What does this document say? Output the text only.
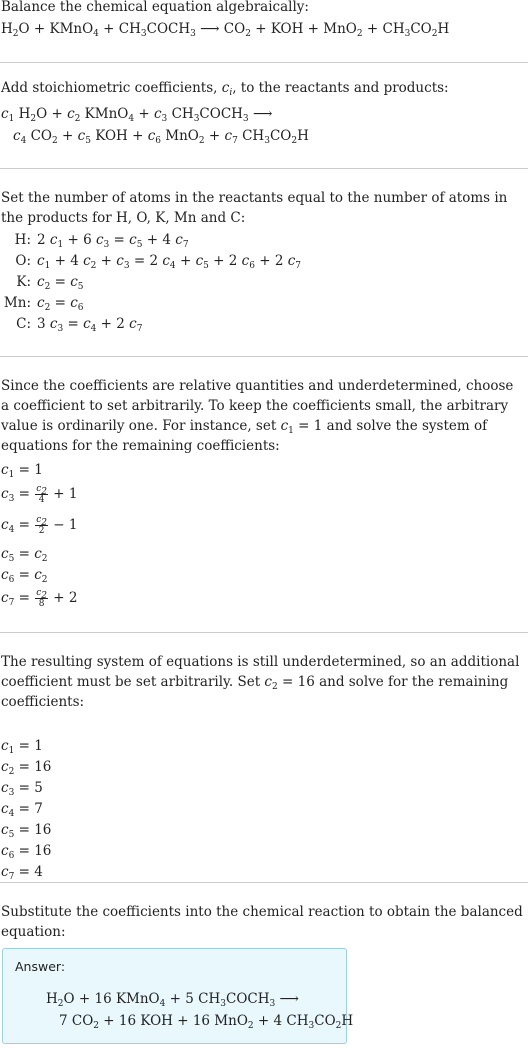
Balance the chemical equation algebraically:
$H_2O$ + KMnO$_4$ + $CH_3COCH_3$ ⟶ $CO_2$ + KOH + $MnO_2 + CH_3CO_2H$
Add stoichiometric coefficients, $c_i$, to the reactants and products:
$c_1$ $H_2O + c_2$ KMnO$_4$ + $c_3$ $CH_3COCH_3$ ⟶
$c_4$ $CO_2 + c_5$ KOH + $c_6$ $MnO_2 + c_7$ $CH_3CO_2H$
Set the number of atoms in the reactants equal to the number of atoms in the products for H, O, K, Mn and C:
H: 2 $c_1 + 6$ $c_3 = c_5 + 4$ $c_7$
O: $c_1 + 4$ $c_2 + c_3 = 2$ $c_4 + c_5 + 2$ $c_6 + 2$ $c_7$
K: $c_2 = c_5$
Mn: $c_2 = c_6$
C: 3 $c_3 = c_4 + 2$ $c_7$
Since the coefficients are relative quantities and underdetermined, choose a coefficient to set arbitrarily. To keep the coefficients small, the arbitrary value is ordinarily one. For instance, set $c_1 = 1$ and solve the system of equations for the remaining coefficients:
$c_1 = 1$
$c_3 = \frac{c_2}{4} + 1$
$c_4 = \frac{c_2}{2} - 1$
$c_5 = c_2$
$c_6 = c_2$
$c_7 = \frac{c_2}{8} + 2$
The resulting system of equations is still underdetermined, so an additional coefficient must be set arbitrarily. Set $c_2 = 16$ and solve for the remaining coefficients:
$c_1 = 1$
$c_2 = 16$
$c_3 = 5$
$c_4 = 7$
$c_5 = 16$
$c_6 = 16$
$c_7 = 4$
Substitute the coefficients into the chemical reaction to obtain the balanced equation:
Answer:
$H_2O + 16$ KMnO$_4$ + 5 $CH_3COCH_3$ ⟶
7 $CO_2 + 16$ KOH + 16 MnO$_2$ + 4 $CH_3CO_2H$
